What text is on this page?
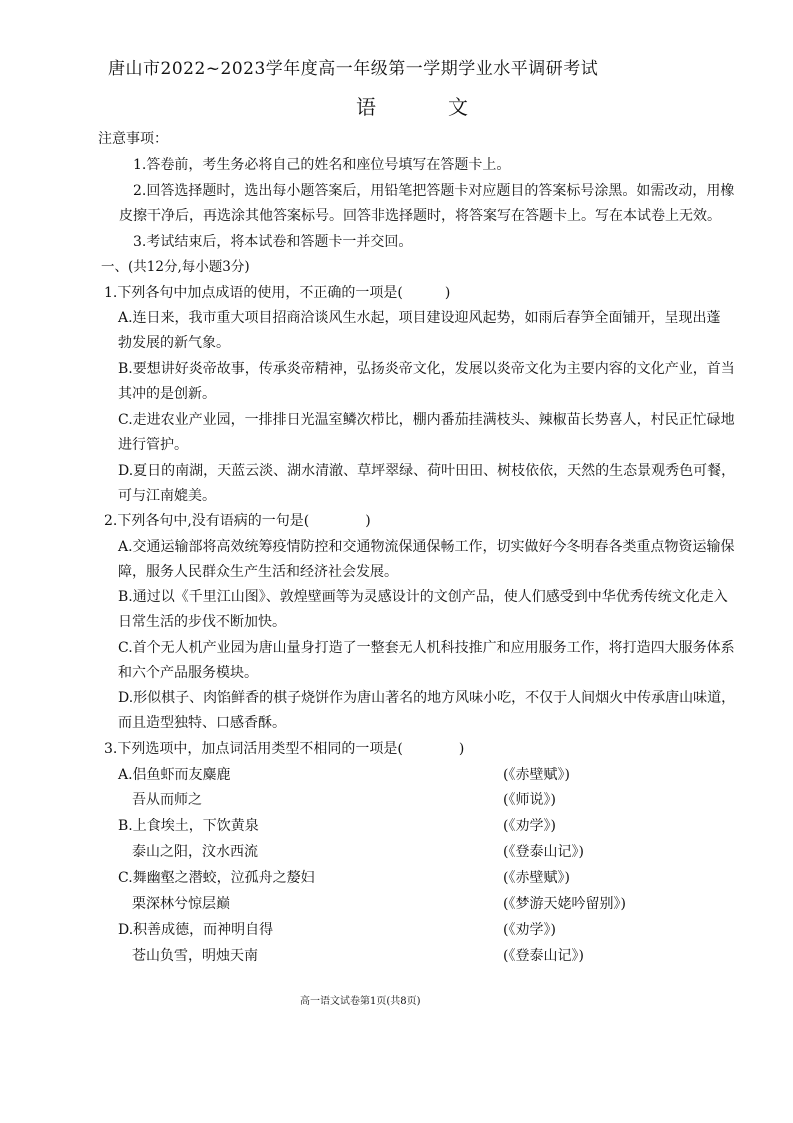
唐山市2022~2023学年度高一年级第一学期学业水平调研考试
语	文
注意事项：
1.答卷前，考生务必将自己的姓名和座位号填写在答题卡上。
2.回答选择题时，选出每小题答案后，用铅笔把答题卡对应题目的答案标号涂黑。如需改动，用橡
皮擦干净后，再选涂其他答案标号。回答非选择题时，将答案写在答题卡上。写在本试卷上无效。
3.考试结束后，将本试卷和答题卡一并交回。
一、(共12分,每小题3分)
1.下列各句中加点成语的使用，不正确的一项是(　　　)
A.连日来，我市重大项目招商洽谈风生水起，项目建设迎风起势，如雨后春笋全面铺开，呈现出蓬
勃发展的新气象。
B.要想讲好炎帝故事，传承炎帝精神，弘扬炎帝文化，发展以炎帝文化为主要内容的文化产业，首当
其冲的是创新。
C.走进农业产业园，一排排日光温室鳞次栉比，棚内番茄挂满枝头、辣椒苗长势喜人，村民正忙碌地
进行管护。
D.夏日的南湖，天蓝云淡、湖水清澈、草坪翠绿、荷叶田田、树枝依依，天然的生态景观秀色可餐，
可与江南媲美。
2.下列各句中,没有语病的一句是(　　　　)
A.交通运输部将高效统筹疫情防控和交通物流保通保畅工作，切实做好今冬明春各类重点物资运输保
障，服务人民群众生产生活和经济社会发展。
B.通过以《千里江山图》、敦煌壁画等为灵感设计的文创产品，使人们感受到中华优秀传统文化走入
日常生活的步伐不断加快。
C.首个无人机产业园为唐山量身打造了一整套无人机科技推广和应用服务工作，将打造四大服务体系
和六个产品服务模块。
D.形似棋子、肉馅鲜香的棋子烧饼作为唐山著名的地方风味小吃，不仅于人间烟火中传承唐山味道，
而且造型独特、口感香酥。
3.下列选项中，加点词活用类型不相同的一项是(　　　　)
A.侣鱼虾而友麋鹿	(《赤壁赋》)
吾从而师之	(《师说》)
B.上食埃土，下饮黄泉	(《劝学》)
泰山之阳，汶水西流	(《登泰山记》)
C.舞幽壑之潜蛟，泣孤舟之嫠妇	(《赤壁赋》)
栗深林兮惊层巅	(《梦游天姥吟留别》)
D.积善成德，而神明自得	(《劝学》)
苍山负雪，明烛天南	(《登泰山记》)
高一语文试卷第1页(共8页)
